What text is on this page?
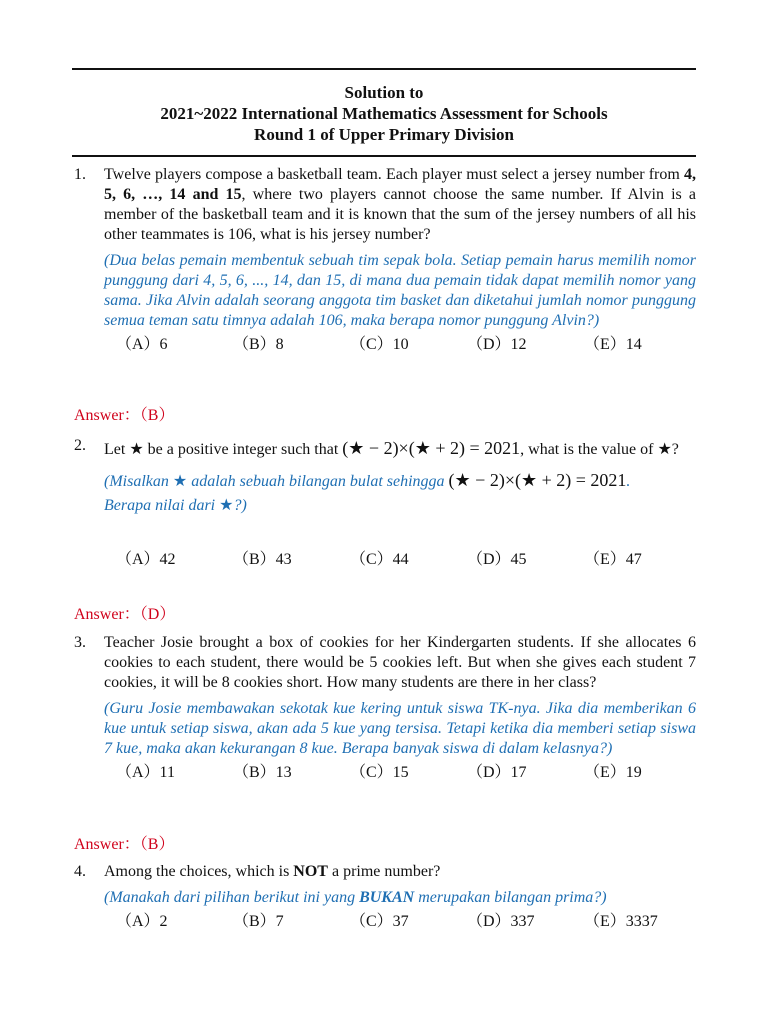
Solution to
2021~2022 International Mathematics Assessment for Schools
Round 1 of Upper Primary Division
1. Twelve players compose a basketball team. Each player must select a jersey number from 4, 5, 6, …, 14 and 15, where two players cannot choose the same number. If Alvin is a member of the basketball team and it is known that the sum of the jersey numbers of all his other teammates is 106, what is his jersey number?
(Dua belas pemain membentuk sebuah tim sepak bola. Setiap pemain harus memilih nomor punggung dari 4, 5, 6, ..., 14, dan 15, di mana dua pemain tidak dapat memilih nomor yang sama. Jika Alvin adalah seorang anggota tim basket dan diketahui jumlah nomor punggung semua teman satu timnya adalah 106, maka berapa nomor punggung Alvin?)
（A）6	（B）8	（C）10	（D）12	（E）14
Answer：（B）
2. Let ★ be a positive integer such that (★ − 2)×(★ + 2) = 2021, what is the value of ★?
(Misalkan ★ adalah sebuah bilangan bulat sehingga (★ − 2)×(★ + 2) = 2021.
Berapa nilai dari ★?)
（A）42	（B）43	（C）44	（D）45	（E）47
Answer：（D）
3. Teacher Josie brought a box of cookies for her Kindergarten students. If she allocates 6 cookies to each student, there would be 5 cookies left. But when she gives each student 7 cookies, it will be 8 cookies short. How many students are there in her class?
(Guru Josie membawakan sekotak kue kering untuk siswa TK-nya. Jika dia memberikan 6 kue untuk setiap siswa, akan ada 5 kue yang tersisa. Tetapi ketika dia memberi setiap siswa 7 kue, maka akan kekurangan 8 kue. Berapa banyak siswa di dalam kelasnya?)
（A）11	（B）13	（C）15	（D）17	（E）19
Answer：（B）
4. Among the choices, which is NOT a prime number?
(Manakah dari pilihan berikut ini yang BUKAN merupakan bilangan prima?)
（A）2	（B）7	（C）37	（D）337	（E）3337
